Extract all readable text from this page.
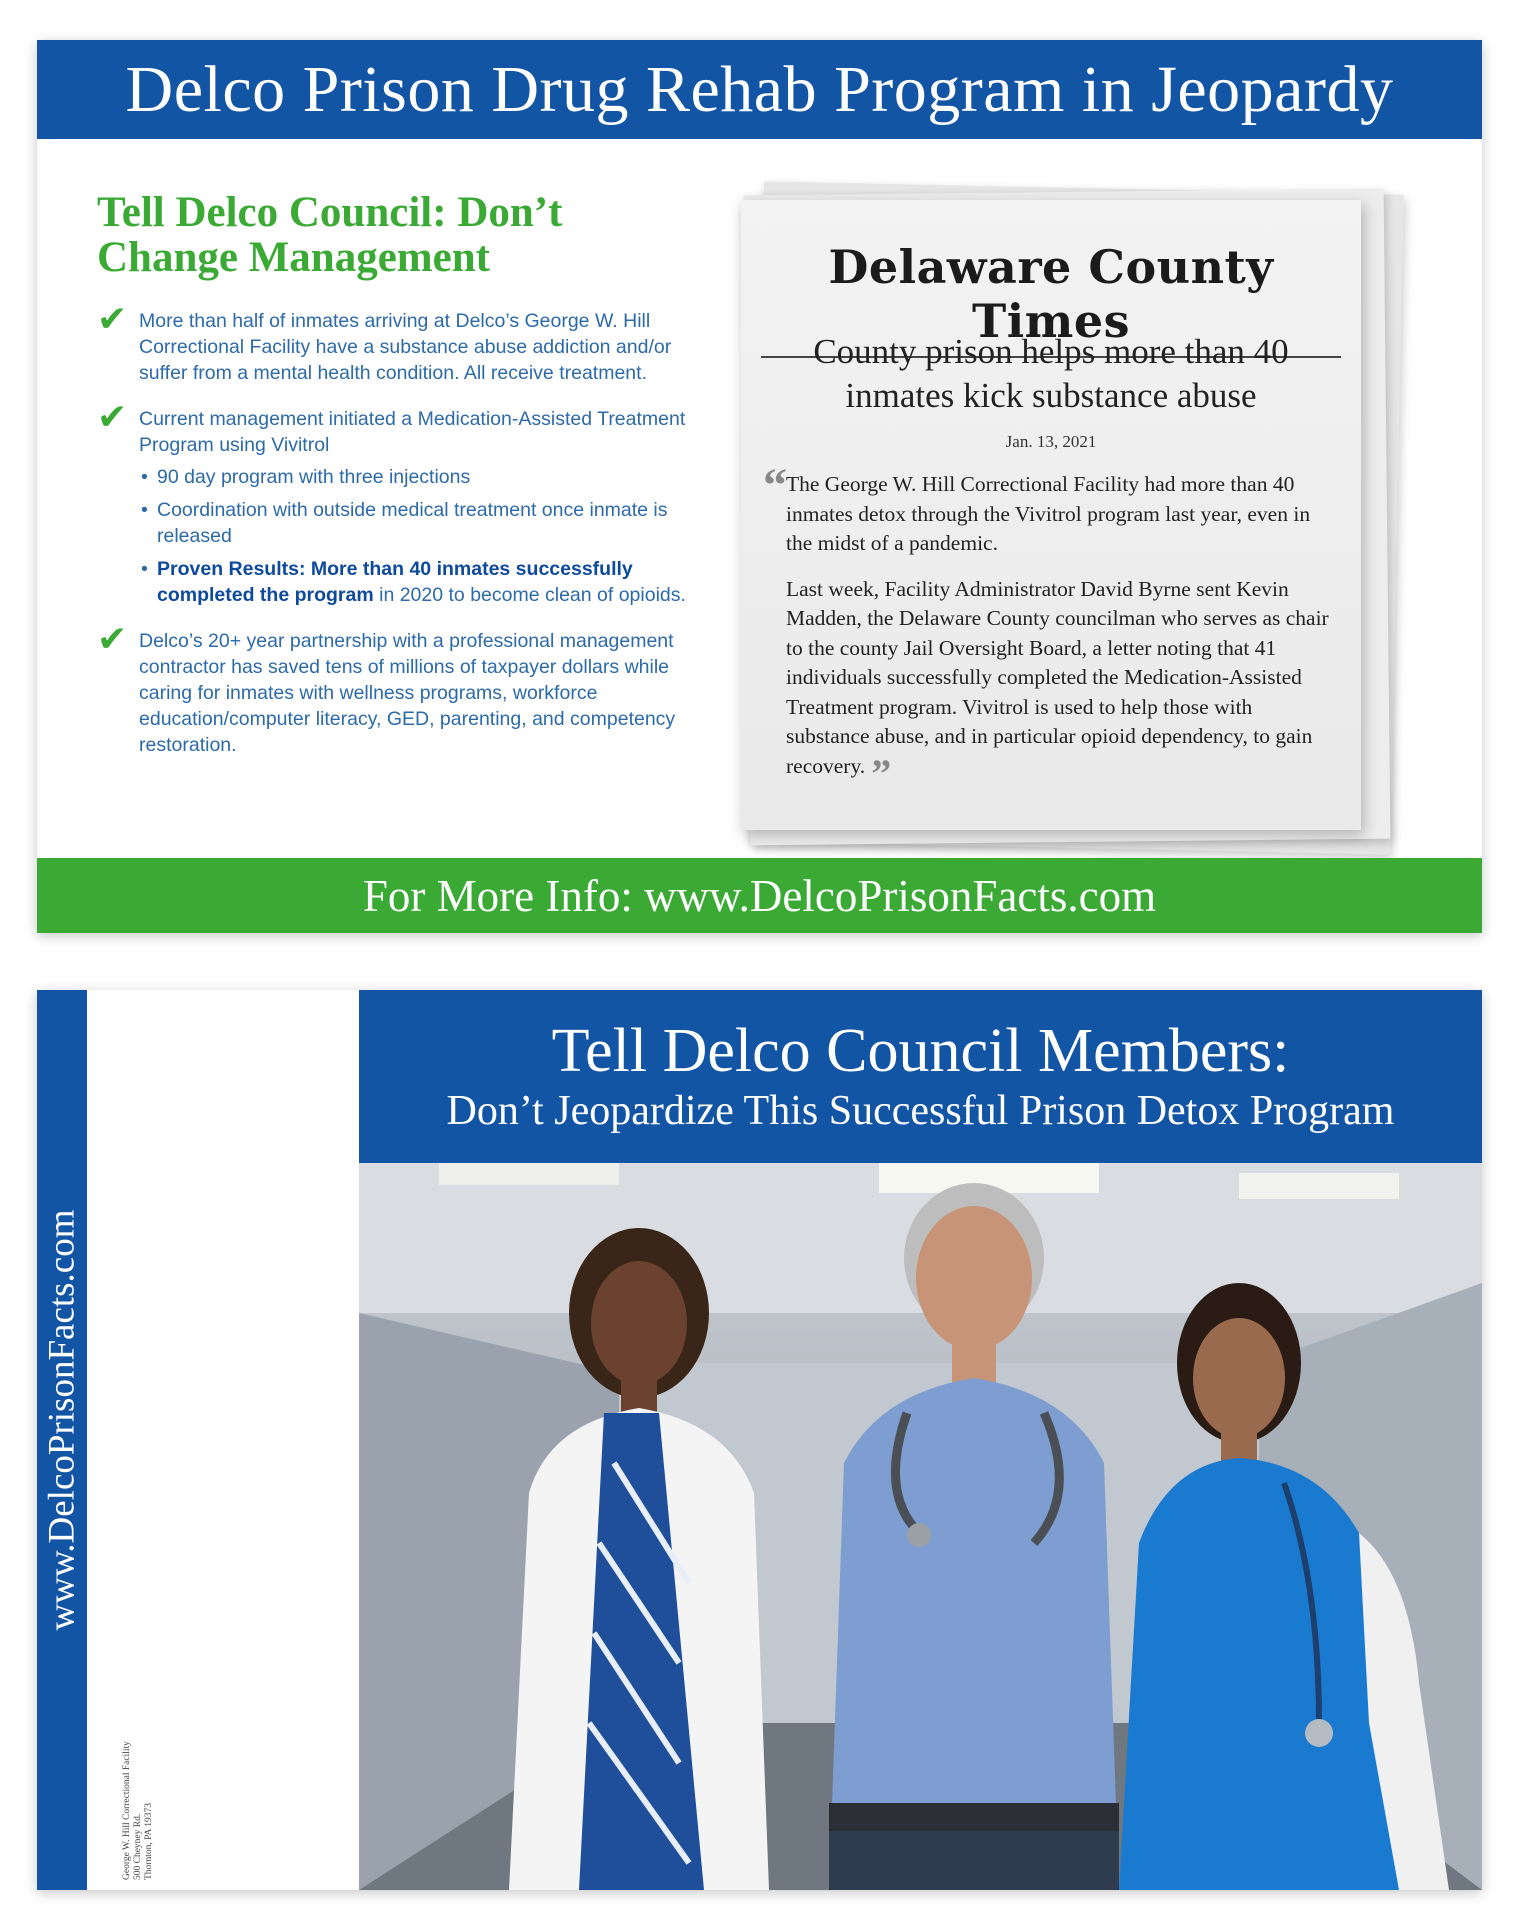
Delco Prison Drug Rehab Program in Jeopardy
Tell Delco Council: Don’t Change Management
✔ More than half of inmates arriving at Delco’s George W. Hill Correctional Facility have a substance abuse addiction and/or suffer from a mental health condition. All receive treatment.
✔ Current management initiated a Medication-Assisted Treatment Program using Vivitrol
• 90 day program with three injections
• Coordination with outside medical treatment once inmate is released
• Proven Results: More than 40 inmates successfully completed the program in 2020 to become clean of opioids.
✔ Delco’s 20+ year partnership with a professional management contractor has saved tens of millions of taxpayer dollars while caring for inmates with wellness programs, workforce education/computer literacy, GED, parenting, and competency restoration.
Delaware County Times
County prison helps more than 40 inmates kick substance abuse
Jan. 13, 2021
“ The George W. Hill Correctional Facility had more than 40 inmates detox through the Vivitrol program last year, even in the midst of a pandemic.

Last week, Facility Administrator David Byrne sent Kevin Madden, the Delaware County councilman who serves as chair to the county Jail Oversight Board, a letter noting that 41 individuals successfully completed the Medication-Assisted Treatment program. Vivitrol is used to help those with substance abuse, and in particular opioid dependency, to gain recovery. ”

For More Info: www.DelcoPrisonFacts.com
www.DelcoPrisonFacts.com
George W. Hill Correctional Facility 500 Cheyney Rd. Thornton, PA 19373
Tell Delco Council Members:
Don’t Jeopardize This Successful Prison Detox Program
